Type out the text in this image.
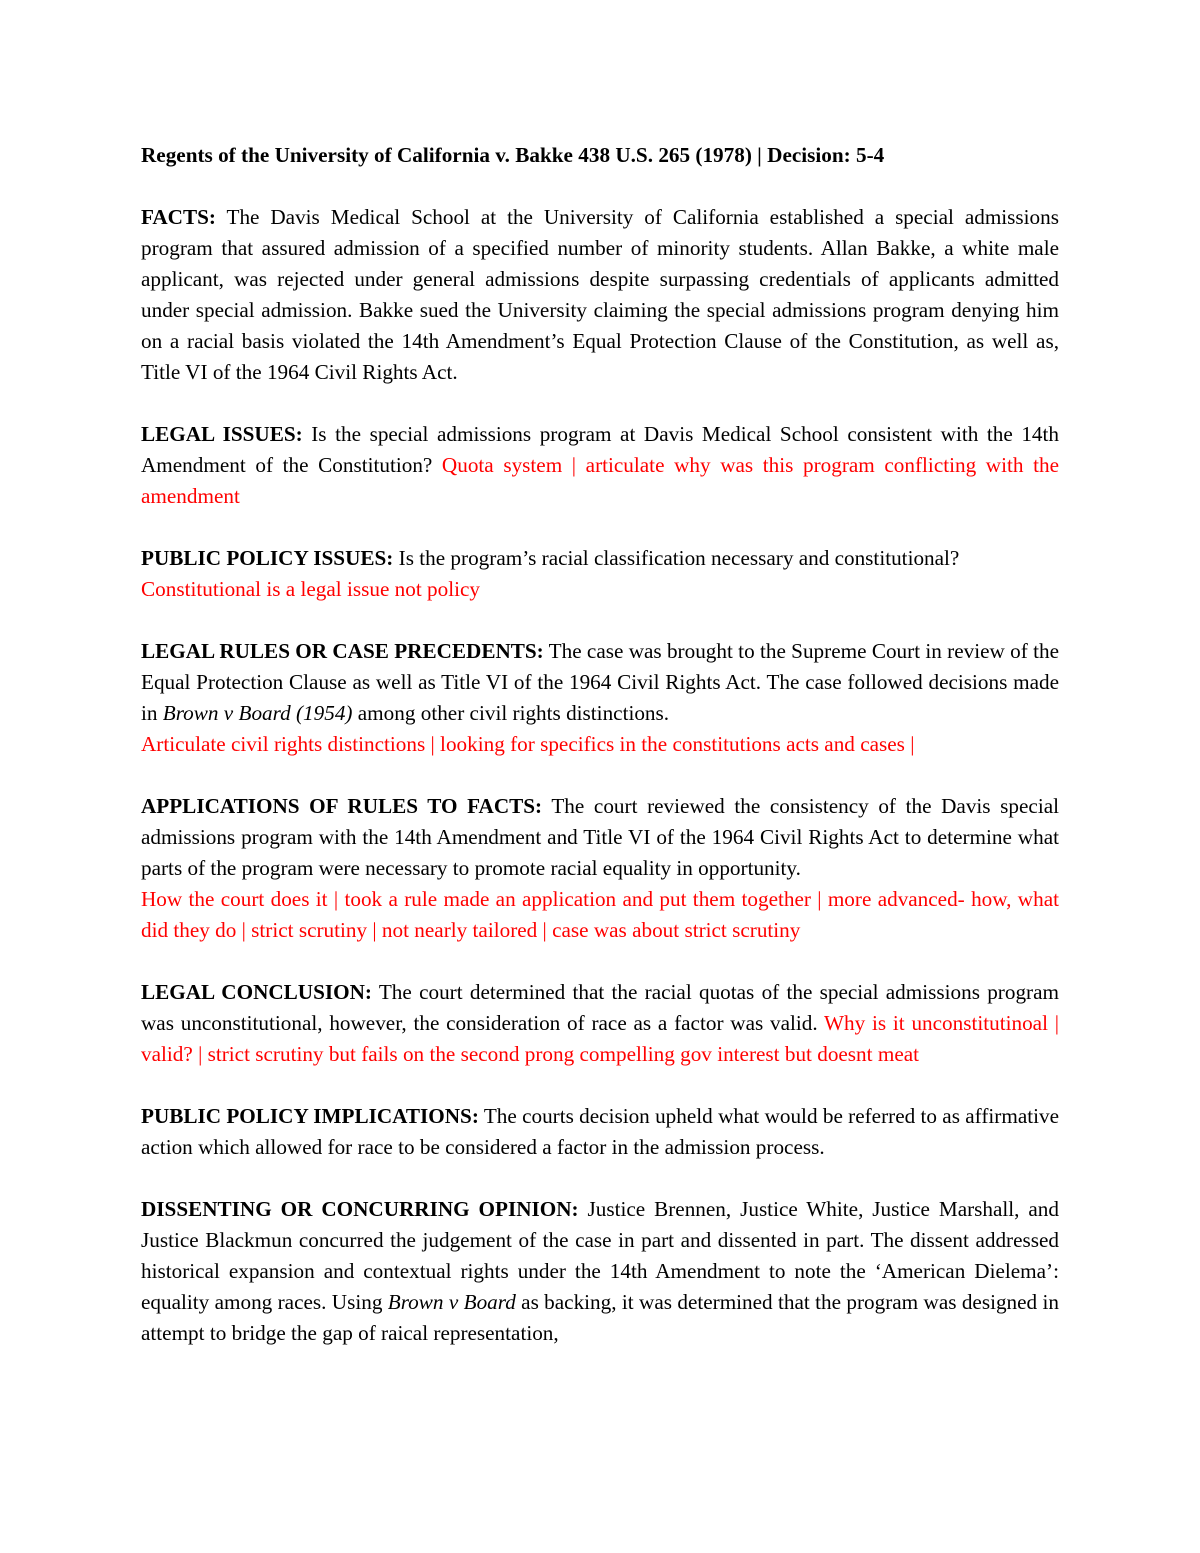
Regents of the University of California v. Bakke 438 U.S. 265 (1978) | Decision: 5-4

FACTS: The Davis Medical School at the University of California established a special admissions program that assured admission of a specified number of minority students. Allan Bakke, a white male applicant, was rejected under general admissions despite surpassing credentials of applicants admitted under special admission. Bakke sued the University claiming the special admissions program denying him on a racial basis violated the 14th Amendment’s Equal Protection Clause of the Constitution, as well as, Title VI of the 1964 Civil Rights Act.

LEGAL ISSUES: Is the special admissions program at Davis Medical School consistent with the 14th Amendment of the Constitution? Quota system | articulate why was this program conflicting with the amendment

PUBLIC POLICY ISSUES: Is the program’s racial classification necessary and constitutional?
Constitutional is a legal issue not policy

LEGAL RULES OR CASE PRECEDENTS: The case was brought to the Supreme Court in review of the Equal Protection Clause as well as Title VI of the 1964 Civil Rights Act. The case followed decisions made in Brown v Board (1954) among other civil rights distinctions.
Articulate civil rights distinctions | looking for specifics in the constitutions acts and cases |

APPLICATIONS OF RULES TO FACTS: The court reviewed the consistency of the Davis special admissions program with the 14th Amendment and Title VI of the 1964 Civil Rights Act to determine what parts of the program were necessary to promote racial equality in opportunity.
How the court does it | took a rule made an application and put them together | more advanced- how, what did they do | strict scrutiny | not nearly tailored | case was about strict scrutiny

LEGAL CONCLUSION: The court determined that the racial quotas of the special admissions program was unconstitutional, however, the consideration of race as a factor was valid. Why is it unconstitutinoal | valid? | strict scrutiny but fails on the second prong compelling gov interest but doesnt meat

PUBLIC POLICY IMPLICATIONS: The courts decision upheld what would be referred to as affirmative action which allowed for race to be considered a factor in the admission process.

DISSENTING OR CONCURRING OPINION: Justice Brennen, Justice White, Justice Marshall, and Justice Blackmun concurred the judgement of the case in part and dissented in part. The dissent addressed historical expansion and contextual rights under the 14th Amendment to note the ‘American Dielema’: equality among races. Using Brown v Board as backing, it was determined that the program was designed in attempt to bridge the gap of raical representation,
